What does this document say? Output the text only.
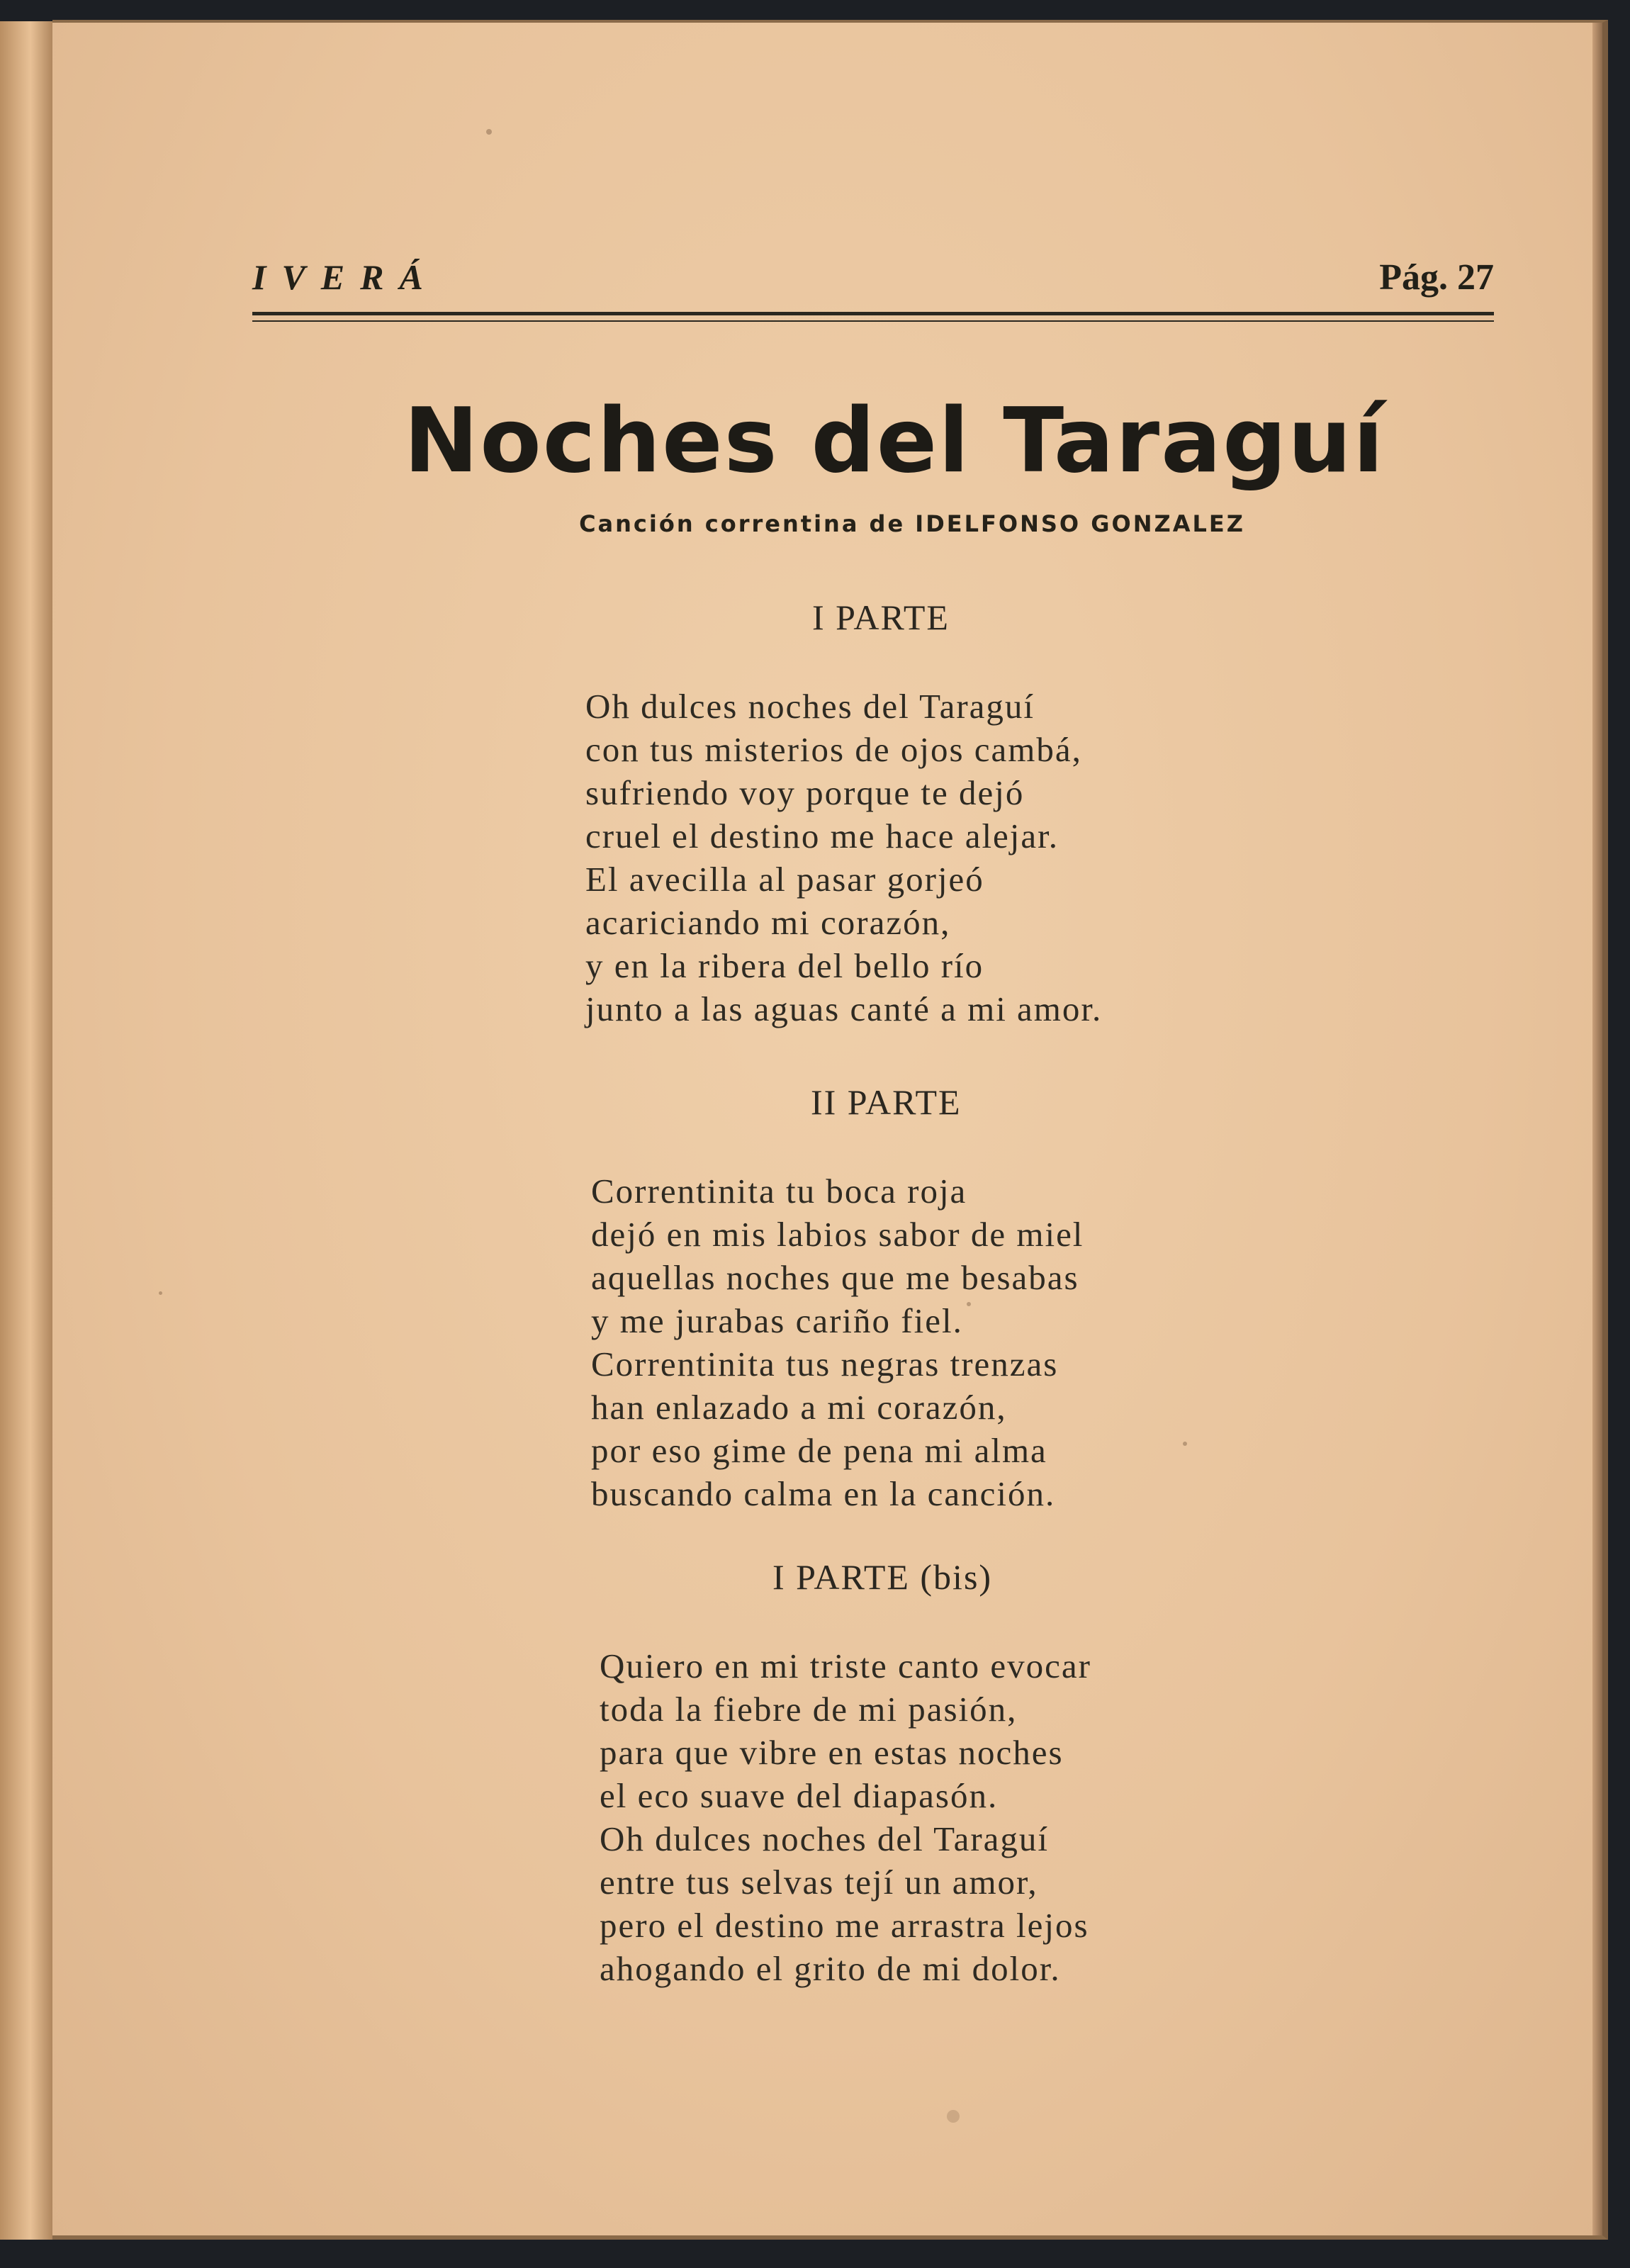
IVERÁ	Pág. 27
Noches del Taraguí
Canción correntina de IDELFONSO GONZALEZ
I PARTE
Oh dulces noches del Taraguí
con tus misterios de ojos cambá,
sufriendo voy porque te dejó
cruel el destino me hace alejar.
El avecilla al pasar gorjeó
acariciando mi corazón,
y en la ribera del bello río
junto a las aguas canté a mi amor.
II PARTE
Correntinita tu boca roja
dejó en mis labios sabor de miel
aquellas noches que me besabas
y me jurabas cariño fiel.
Correntinita tus negras trenzas
han enlazado a mi corazón,
por eso gime de pena mi alma
buscando calma en la canción.
I PARTE (bis)
Quiero en mi triste canto evocar
toda la fiebre de mi pasión,
para que vibre en estas noches
el eco suave del diapasón.
Oh dulces noches del Taraguí
entre tus selvas tejí un amor,
pero el destino me arrastra lejos
ahogando el grito de mi dolor.
